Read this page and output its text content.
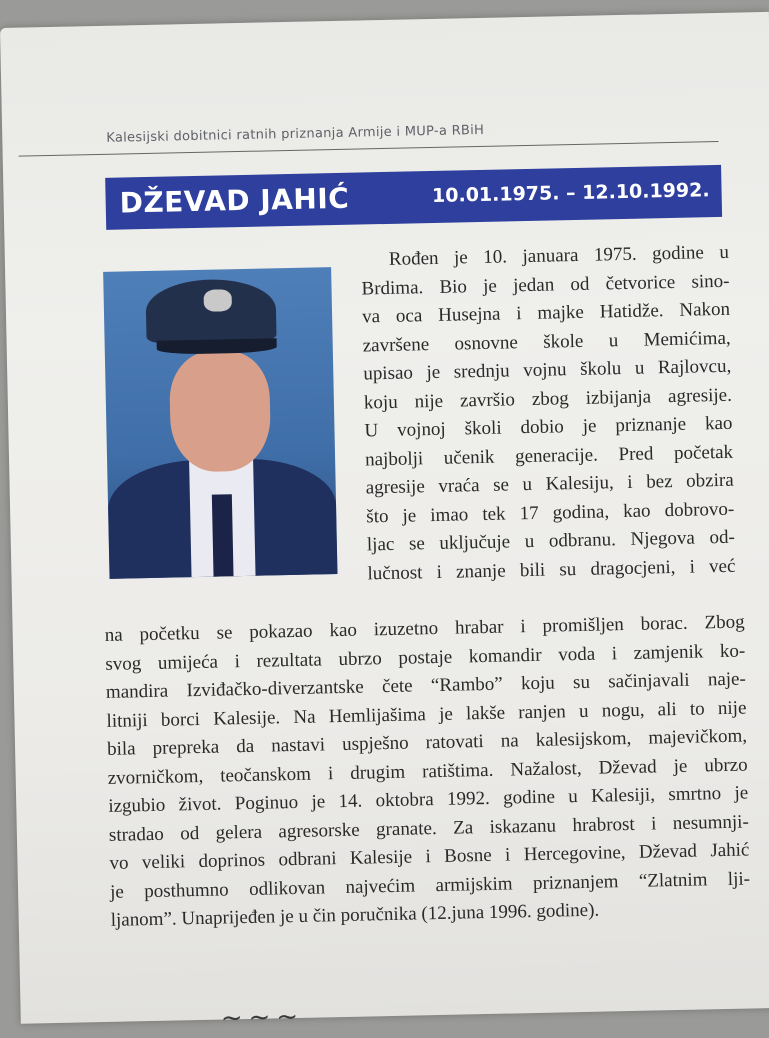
Kalesijski dobitnici ratnih priznanja Armije i MUP-a RBiH
DŽEVAD JAHIĆ	10.01.1975. – 12.10.1992.
Rođen je 10. januara 1975. godine u
Brdima. Bio je jedan od četvorice sino-
va oca Husejna i majke Hatidže. Nakon
završene osnovne škole u Memićima,
upisao je srednju vojnu školu u Rajlovcu,
koju nije završio zbog izbijanja agresije.
U vojnoj školi dobio je priznanje kao
najbolji učenik generacije. Pred početak
agresije vraća se u Kalesiju, i bez obzira
što je imao tek 17 godina, kao dobrovo-
ljac se uključuje u odbranu. Njegova od-
lučnost i znanje bili su dragocjeni, i već
na početku se pokazao kao izuzetno hrabar i promišljen borac. Zbog
svog umijeća i rezultata ubrzo postaje komandir voda i zamjenik ko-
mandira Izviđačko-diverzantske čete “Rambo” koju su sačinjavali naje-
litniji borci Kalesije. Na Hemlijašima je lakše ranjen u nogu, ali to nije
bila prepreka da nastavi uspješno ratovati na kalesijskom, majevičkom,
zvorničkom, teočanskom i drugim ratištima. Nažalost, Dževad je ubrzo
izgubio život. Poginuo je 14. oktobra 1992. godine u Kalesiji, smrtno je
stradao od gelera agresorske granate. Za iskazanu hrabrost i nesumnji-
vo veliki doprinos odbrani Kalesije i Bosne i Hercegovine, Dževad Jahić
je posthumno odlikovan najvećim armijskim priznanjem “Zlatnim lji-
ljanom”. Unaprijeđen je u čin poručnika (12.juna 1996. godine).
∼∼∼
